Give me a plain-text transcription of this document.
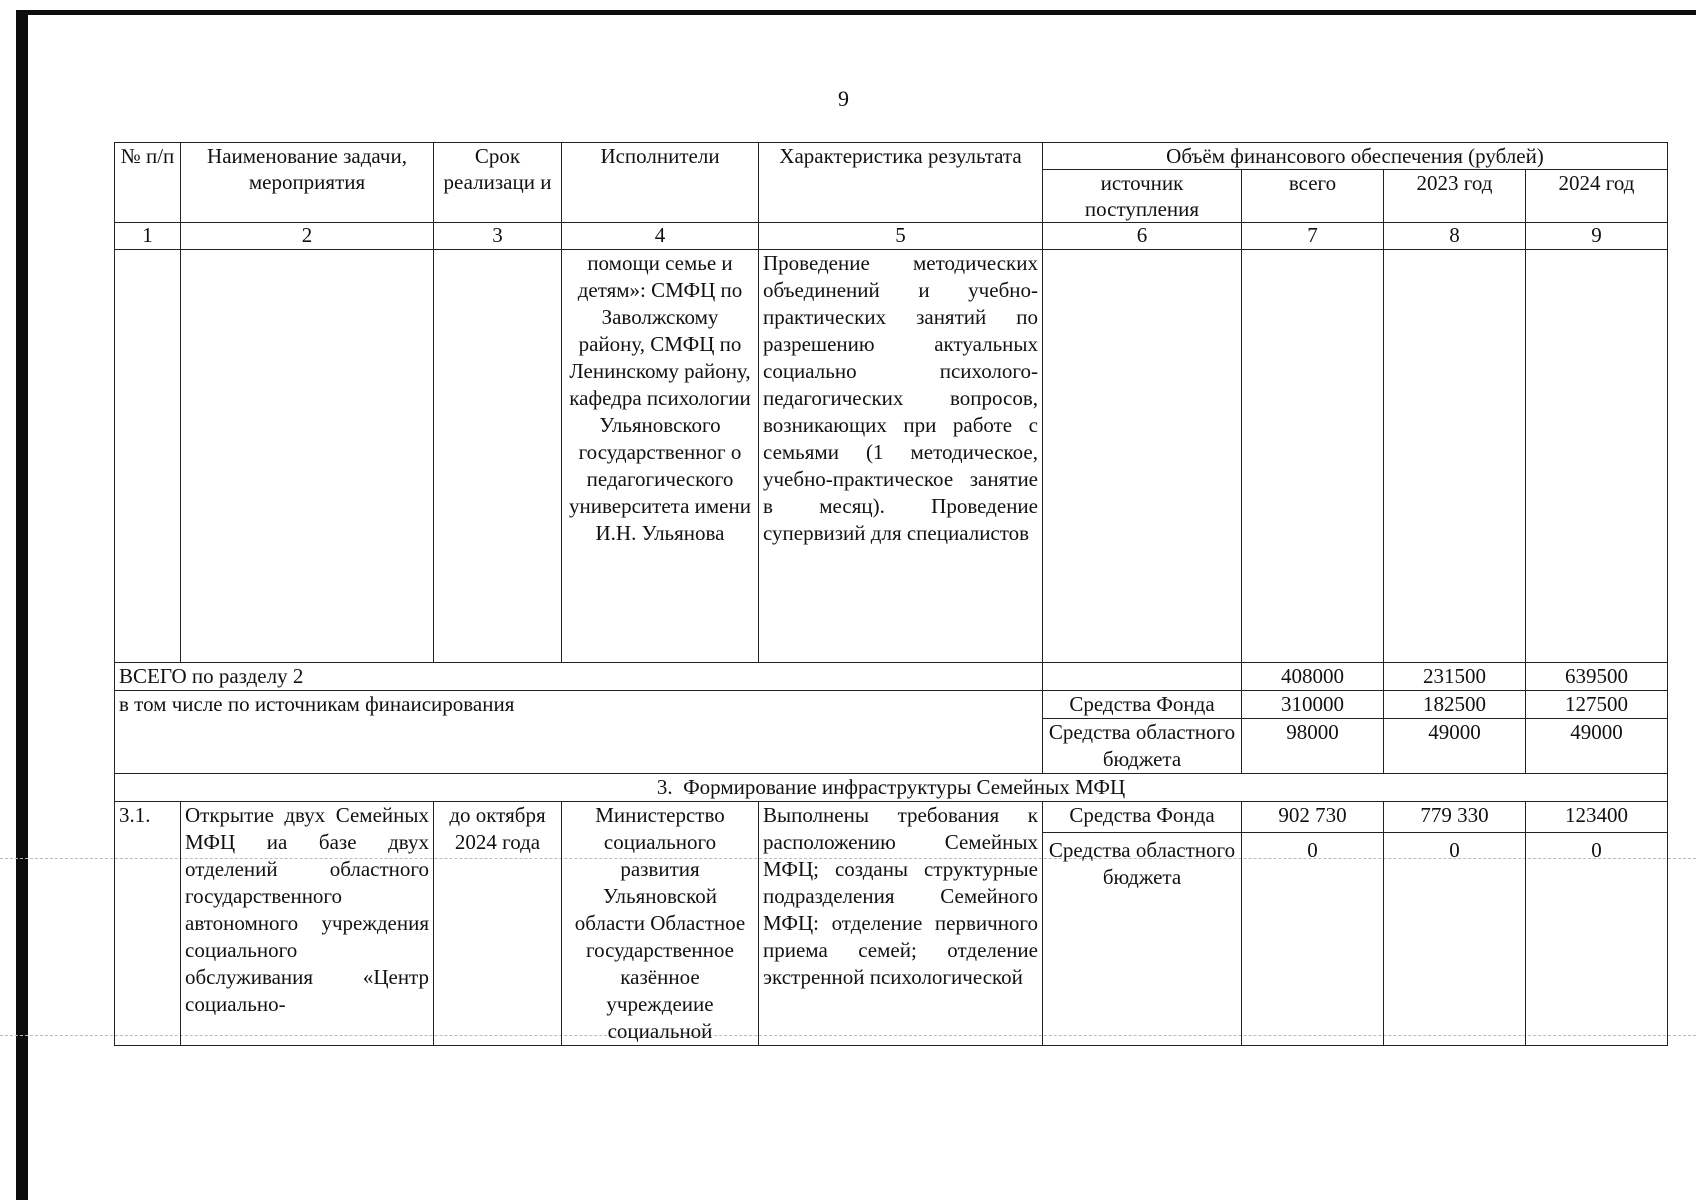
9
№ п/п	Наименование задачи, мероприятия	Срок реализаци и	Исполнители	Характеристика результата	Объём финансового обеспечения (рублей)			
					источник поступления	всего	2023 год	2024 год
1	2	3	4	5	6	7	8	9
			помощи семье и детям»: СМФЦ по Заволжскому району, СМФЦ по Ленинскому району, кафедра психологии Ульяновского государственног о педагогического университета имени И.Н. Ульянова	Проведение методических объединений и учебно-практических занятий по разрешению актуальных социально психолого-педагогических вопросов, возникающих при работе с семьями (1 методическое, учебно-практическое занятие в месяц). Проведение супервизий для специалистов				
ВСЕГО по разделу 2						408000	231500	639500
в том числе по источникам финаисирования					Средства Фонда	310000	182500	127500
					Средства областного бюджета	98000	49000	49000
3.  Формирование инфраструктуры Семейных МФЦ								
3.1.	Открытие двух Семейных МФЦ иа базе двух отделений областного государственного автономного учреждения социального обслуживания «Центр социально-	до октября 2024 года	Министерство социального развития Ульяновской области Областное государственное казённое учреждеиие социальной	Выполнены требования к расположению Семейных МФЦ; созданы структурные подразделения Семейного МФЦ: отделение первичного приема семей; отделение экстренной психологической	Средства Фонда	902 730	779 330	123400
					Средства областного бюджета	0	0	0
